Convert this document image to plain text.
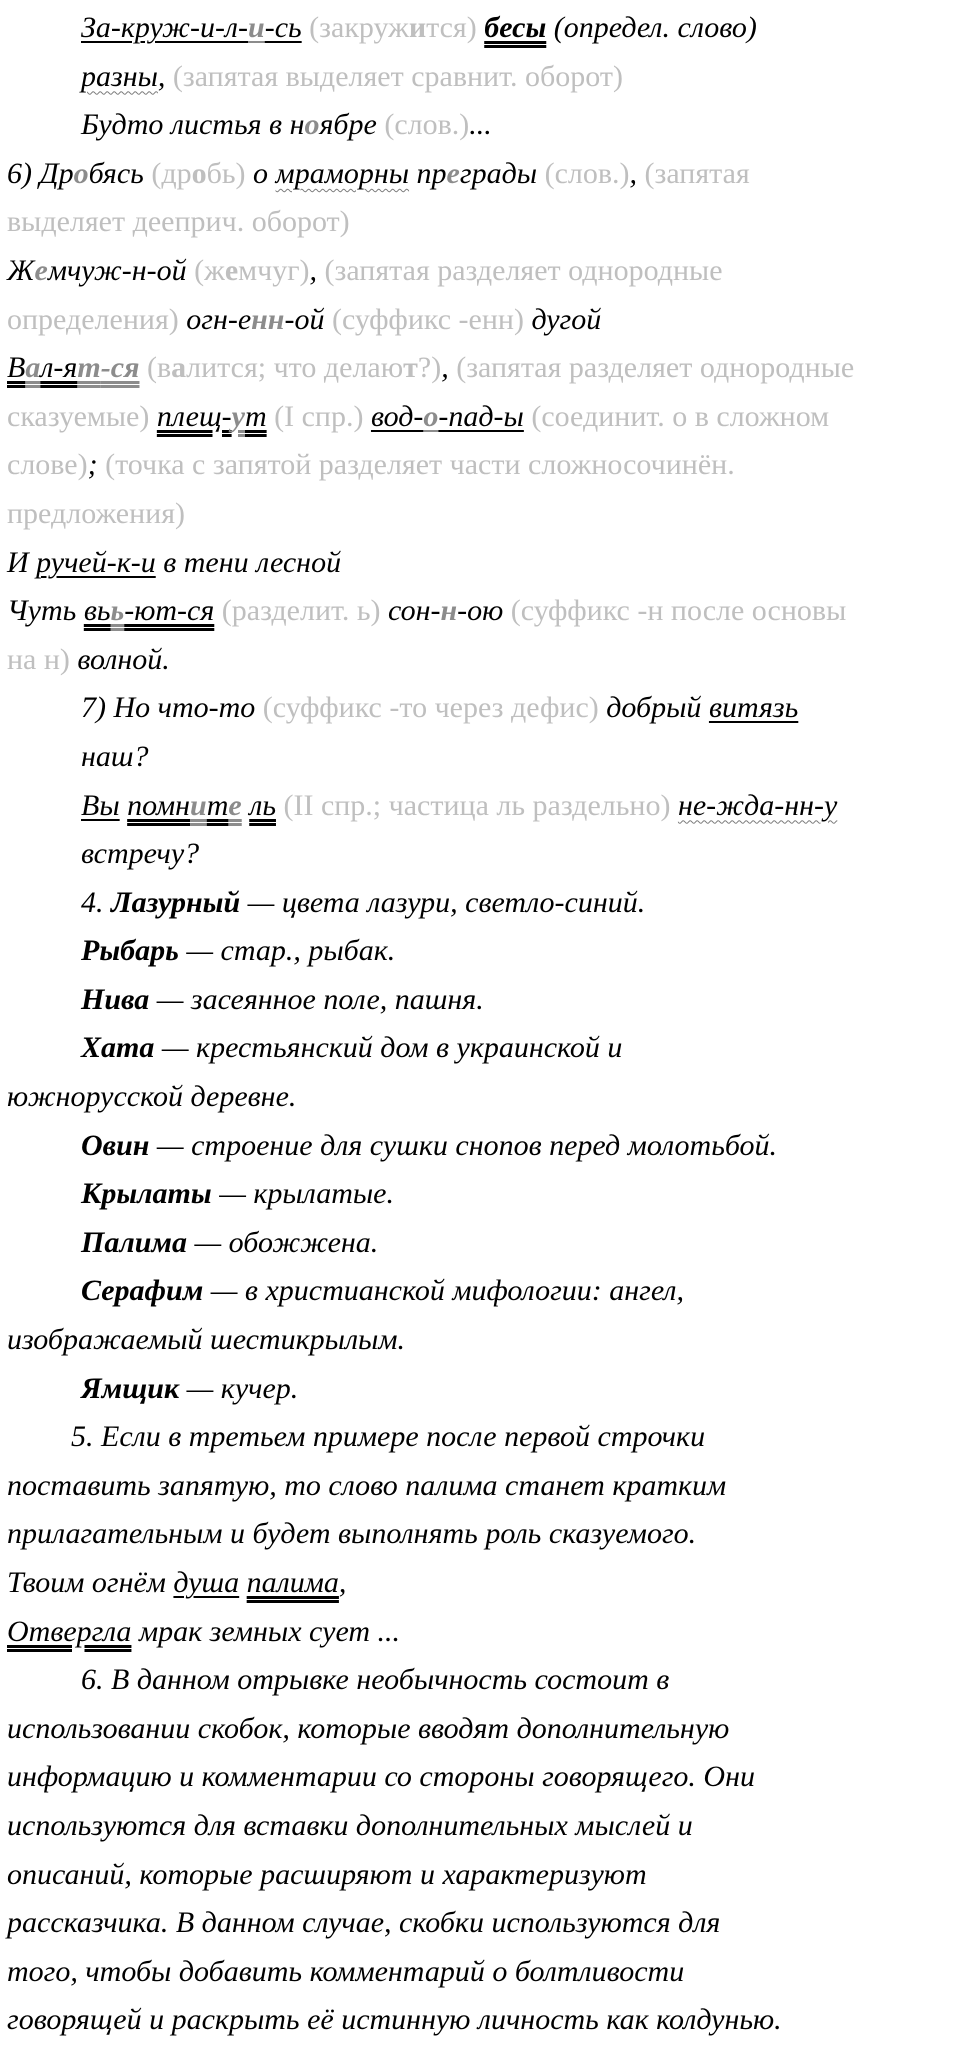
За-круж-и-л-и-сь (закружится) бесы (определ. слово)
разны, (запятая выделяет сравнит. оборот)
Будто листья в ноябре (слов.)...
6) Дробясь (дробь) о мраморны преграды (слов.), (запятая
выделяет дееприч. оборот)
Жемчуж-н-ой (жемчуг), (запятая разделяет однородные
определения) огн-енн-ой (суффикс -енн) дугой
Вал-ят-ся (валится; что делают?), (запятая разделяет однородные
сказуемые) плещ-ут (I спр.) вод-о-пад-ы (соединит. о в сложном
слове); (точка с запятой разделяет части сложносочинён.
предложения)
И ручей-к-и в тени лесной
Чуть вьь-ют-ся (разделит. ь) сон-н-ою (суффикс -н после основы
на н) волной.
7) Но что-то (суффикс -то через дефис) добрый витязь
наш?
Вы помните ль (II спр.; частица ль раздельно) не-жда-нн-у
встречу?
4. Лазурный — цвета лазури, светло-синий.
Рыбарь — стар., рыбак.
Нива — засеянное поле, пашня.
Хата — крестьянский дом в украинской и
южнорусской деревне.
Овин — строение для сушки снопов перед молотьбой.
Крылаты — крылатые.
Палима — обожжена.
Серафим — в христианской мифологии: ангел,
изображаемый шестикрылым.
Ямщик — кучер.
5. Если в третьем примере после первой строчки
поставить запятую, то слово палима станет кратким
прилагательным и будет выполнять роль сказуемого.
Твоим огнём душа палима,
Отвергла мрак земных сует ...
6. В данном отрывке необычность состоит в
использовании скобок, которые вводят дополнительную
информацию и комментарии со стороны говорящего. Они
используются для вставки дополнительных мыслей и
описаний, которые расширяют и характеризуют
рассказчика. В данном случае, скобки используются для
того, чтобы добавить комментарий о болтливости
говорящей и раскрыть её истинную личность как колдунью.
